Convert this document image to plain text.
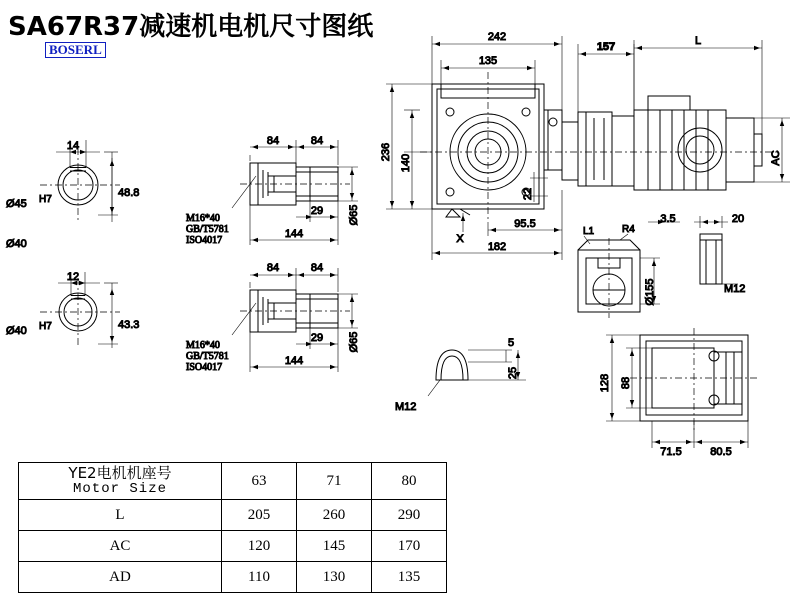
SA67R37减速机电机尺寸图纸
BOSERL
14
Ø45 H7
48.8
Ø40
12
Ø40 H7	43.3
84	84
29
144
Ø65
M16*40
GB/T5781
ISO4017
84	84
29
144
Ø65
M16*40
GB/T5781
ISO4017
242
135
157	L
AC
236
140
22
X
95.5
182
L1	R4
3.5
Ø155
20
M12
128 88
71.5	80.5
5
25
M12
YE2电机机座号
Motor Size	63	71	80
L	205	260	290
AC	120	145	170
AD	110	130	135
